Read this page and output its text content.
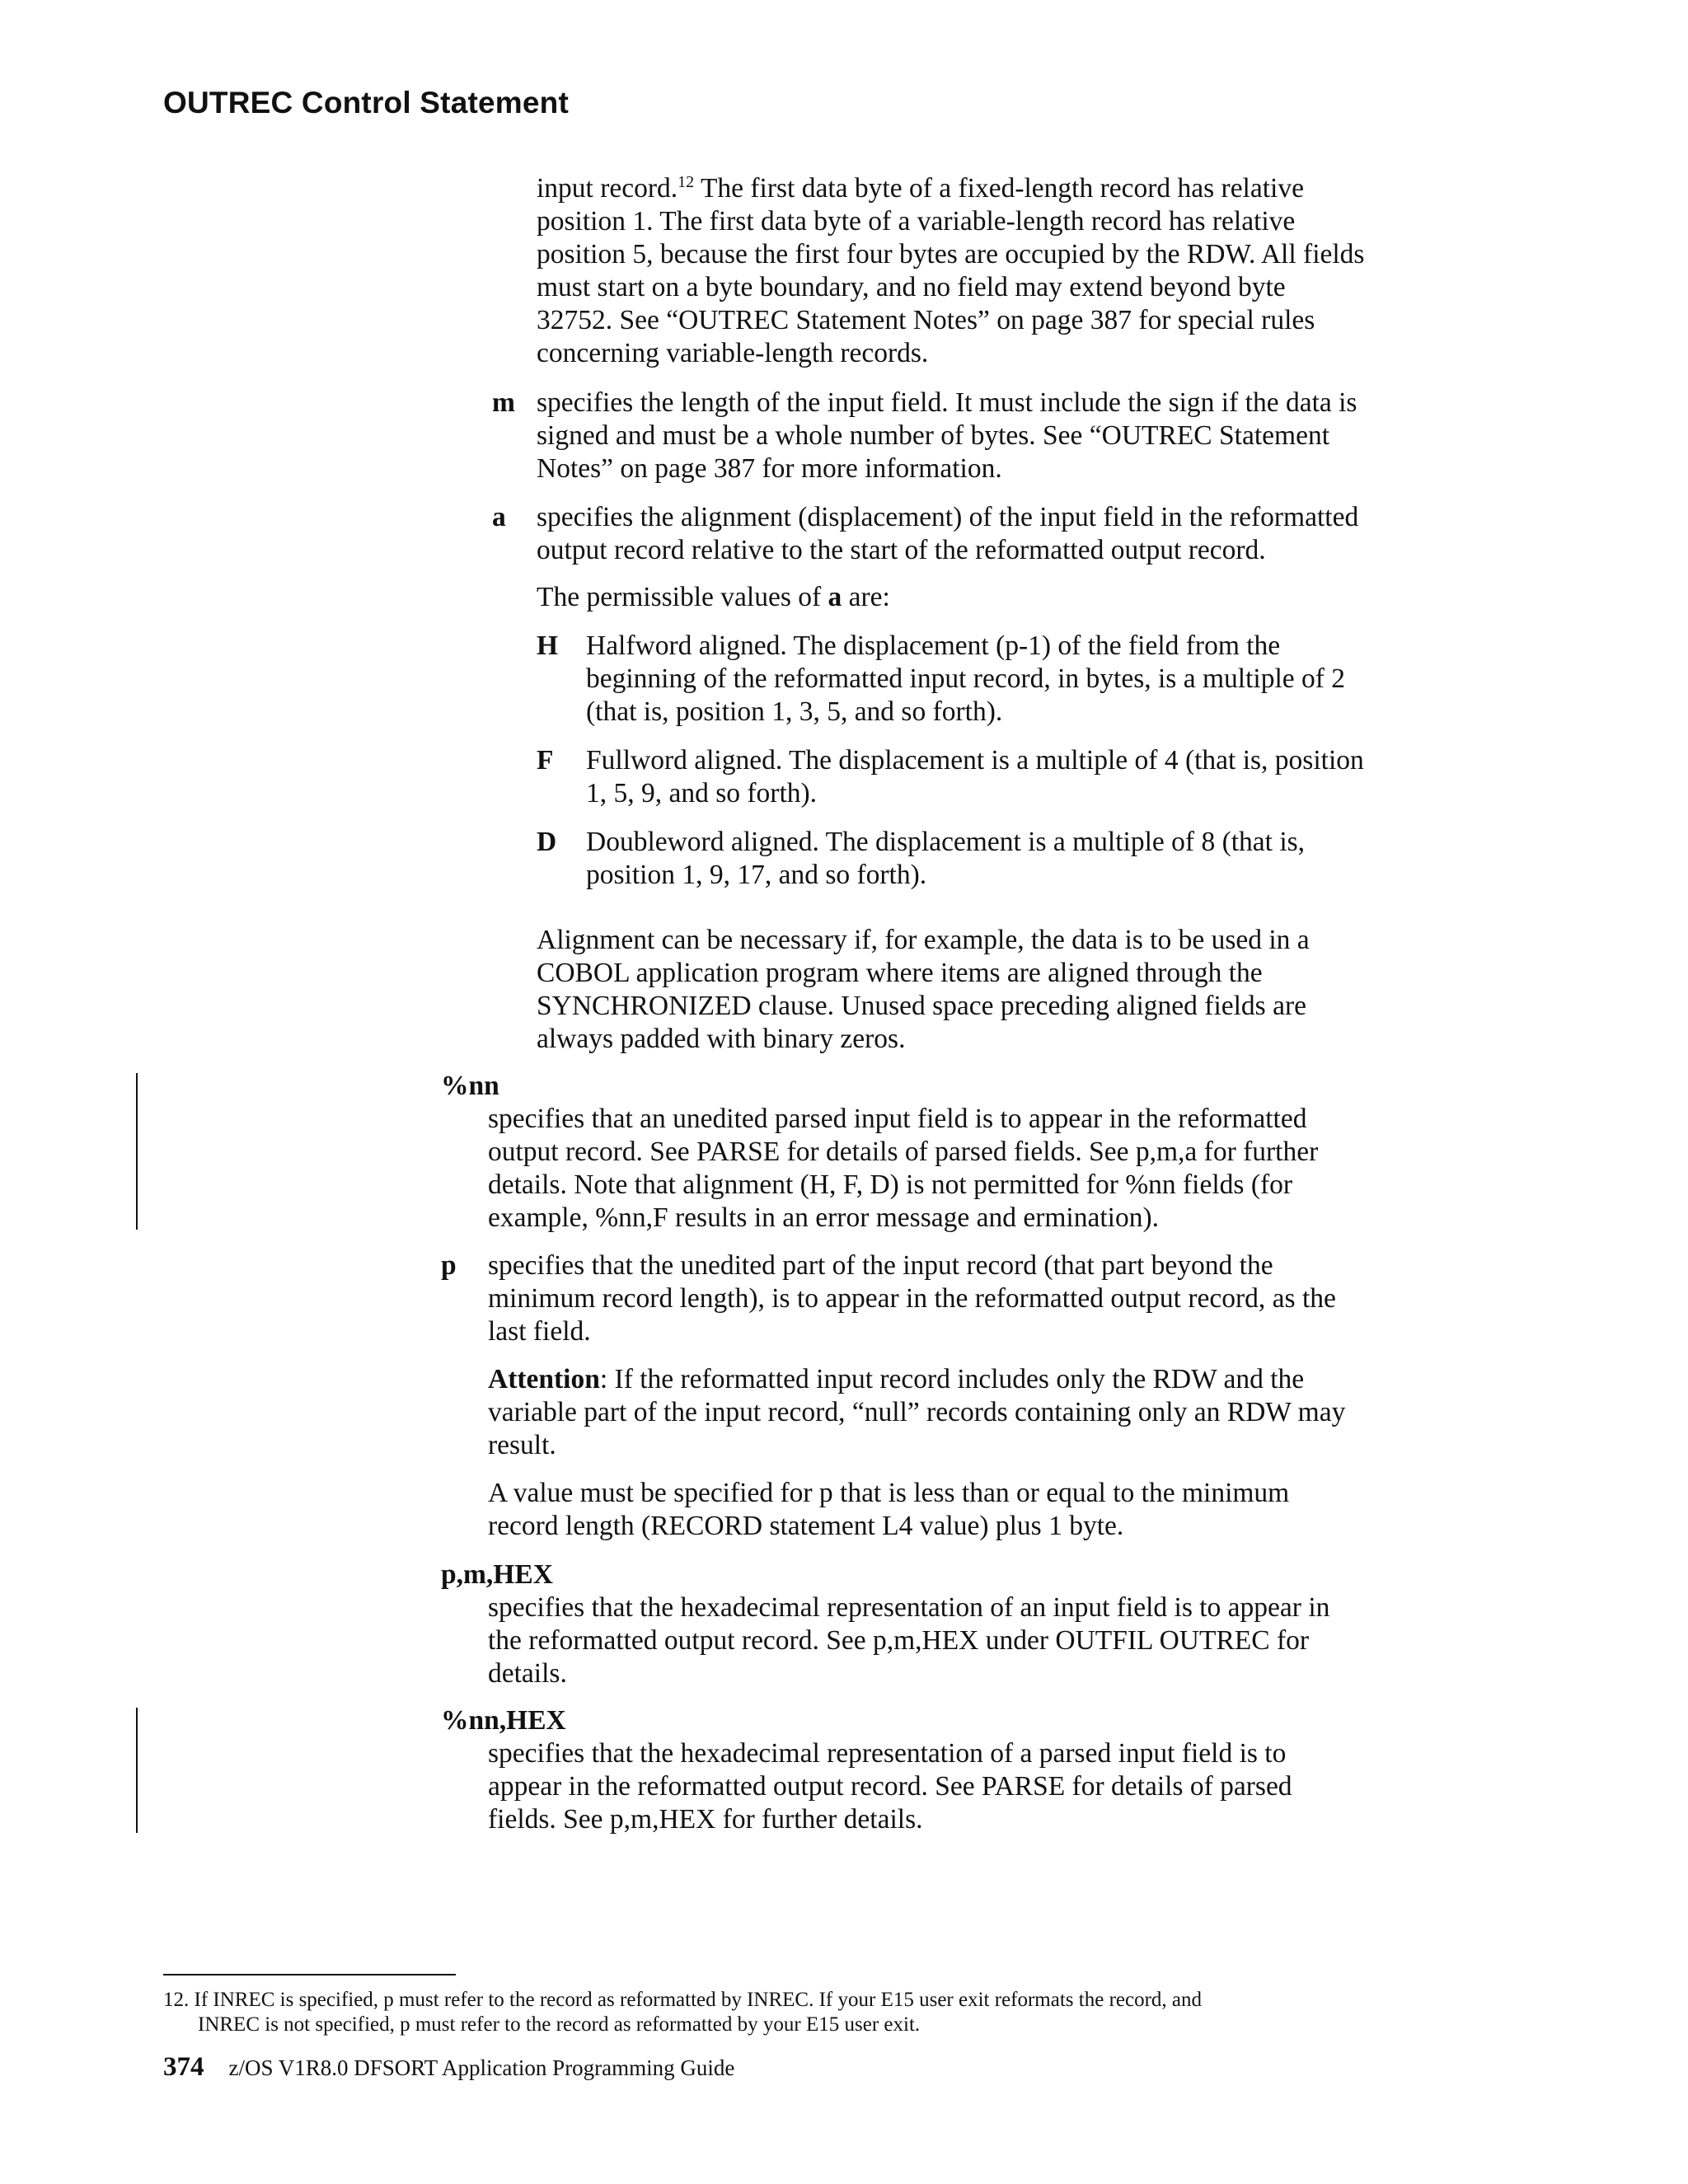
OUTREC Control Statement

input record.$^{12}$ The first data byte of a fixed-length record has relative

position 1. The first data byte of a variable-length record has relative

position 5, because the first four bytes are occupied by the RDW. All fields

must start on a byte boundary, and no field may extend beyond byte

32752. See “OUTREC Statement Notes” on page 387 for special rules

concerning variable-length records.

m specifies the length of the input field. It must include the sign if the data is

signed and must be a whole number of bytes. See “OUTREC Statement

Notes” on page 387 for more information.

a specifies the alignment (displacement) of the input field in the reformatted

output record relative to the start of the reformatted output record.

The permissible values of a are:

H Halfword aligned. The displacement (p-1) of the field from the

beginning of the reformatted input record, in bytes, is a multiple of 2

(that is, position 1, 3, 5, and so forth).

F Fullword aligned. The displacement is a multiple of 4 (that is, position

1, 5, 9, and so forth).

D Doubleword aligned. The displacement is a multiple of 8 (that is,

position 1, 9, 17, and so forth).

Alignment can be necessary if, for example, the data is to be used in a

COBOL application program where items are aligned through the

SYNCHRONIZED clause. Unused space preceding aligned fields are

always padded with binary zeros.

%nn

specifies that an unedited parsed input field is to appear in the reformatted

output record. See PARSE for details of parsed fields. See p,m,a for further

details. Note that alignment (H, F, D) is not permitted for %nn fields (for

example, %nn,F results in an error message and ermination).

p specifies that the unedited part of the input record (that part beyond the

minimum record length), is to appear in the reformatted output record, as the

last field.

Attention: If the reformatted input record includes only the RDW and the

variable part of the input record, “null” records containing only an RDW may

result.

A value must be specified for p that is less than or equal to the minimum

record length (RECORD statement L4 value) plus 1 byte.

p,m,HEX

specifies that the hexadecimal representation of an input field is to appear in

the reformatted output record. See p,m,HEX under OUTFIL OUTREC for

details.

%nn,HEX

specifies that the hexadecimal representation of a parsed input field is to

appear in the reformatted output record. See PARSE for details of parsed

fields. See p,m,HEX for further details.

12. If INREC is specified, p must refer to the record as reformatted by INREC. If your E15 user exit reformats the record, and
INREC is not specified, p must refer to the record as reformatted by your E15 user exit.
374 z/OS V1R8.0 DFSORT Application Programming Guide
